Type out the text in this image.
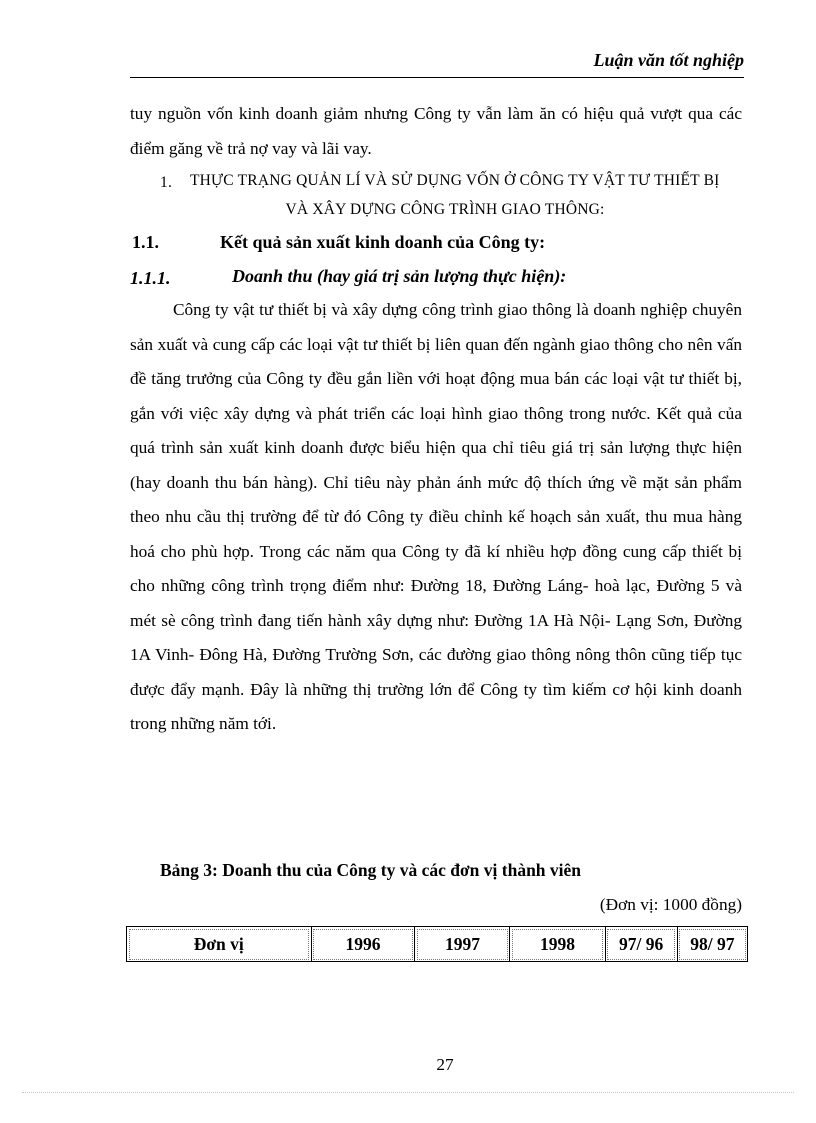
Luận văn tốt nghiệp

tuy nguồn vốn kinh doanh giảm nhưng Công ty vẫn làm ăn có hiệu quả vượt qua các điểm găng về trả nợ vay và lãi vay.

1. THỰC TRẠNG QUẢN LÍ VÀ SỬ DỤNG VỐN Ở CÔNG TY VẬT TƯ THIẾT BỊ
VÀ XÂY DỰNG CÔNG TRÌNH GIAO THÔNG:
1.1.	Kết quả sản xuất kinh doanh của Công ty:
1.1.1.	Doanh thu (hay giá trị sản lượng thực hiện):

Công ty vật tư thiết bị và xây dựng công trình giao thông là doanh nghiệp chuyên sản xuất và cung cấp các loại vật tư thiết bị liên quan đến ngành giao thông cho nên vấn đề tăng trưởng của Công ty đều gắn liền với hoạt động mua bán các loại vật tư thiết bị, gắn với việc xây dựng và phát triển các loại hình giao thông trong nước. Kết quả của quá trình sản xuất kinh doanh được biểu hiện qua chỉ tiêu giá trị sản lượng thực hiện (hay doanh thu bán hàng). Chỉ tiêu này phản ánh mức độ thích ứng về mặt sản phẩm theo nhu cầu thị trường để từ đó Công ty điều chỉnh kế hoạch sản xuất, thu mua hàng hoá cho phù hợp. Trong các năm qua Công ty đã kí nhiều hợp đồng cung cấp thiết bị cho những công trình trọng điểm như: Đường 18, Đường Láng- hoà lạc, Đường 5 và mét sè công trình đang tiến hành xây dựng như: Đường 1A Hà Nội- Lạng Sơn, Đường 1A Vinh- Đông Hà, Đường Trường Sơn, các đường giao thông nông thôn cũng tiếp tục được đẩy mạnh. Đây là những thị trường lớn để Công ty tìm kiếm cơ hội kinh doanh trong những năm tới.

Bảng 3: Doanh thu của Công ty và các đơn vị thành viên
(Đơn vị: 1000 đồng)
Đơn vị	1996	1997	1998	97/ 96	98/ 97
27
